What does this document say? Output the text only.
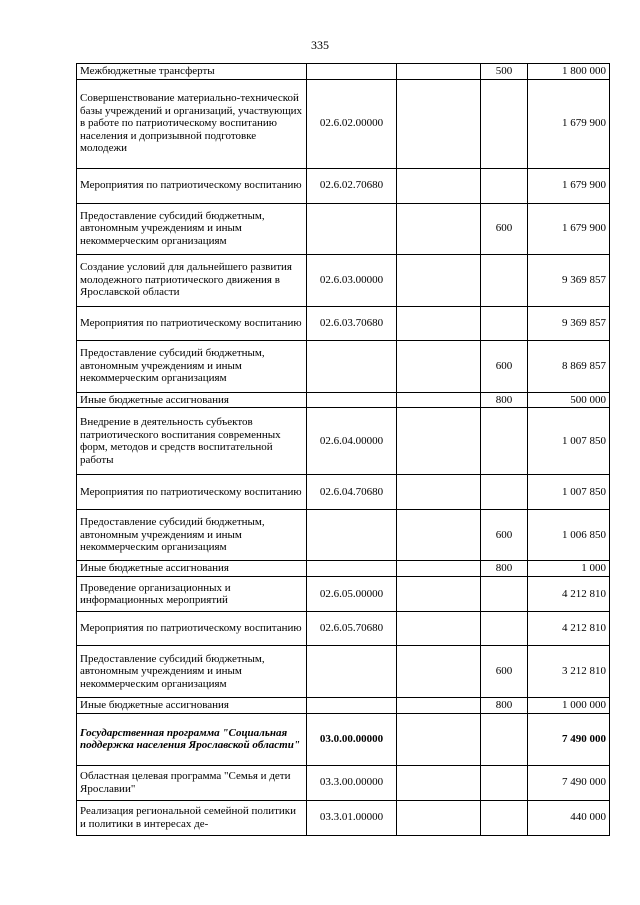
335
Межбюджетные трансферты			500	1 800 000
Совершенствование материально-технической базы учреждений и организаций, участвующих в работе по патриотическому воспитанию населения и допризывной подготовке молодежи	02.6.02.00000			1 679 900
Мероприятия по патриотическому воспитанию	02.6.02.70680			1 679 900
Предоставление субсидий бюджетным, автономным учреждениям и иным некоммерческим организациям			600	1 679 900
Создание условий для дальнейшего развития молодежного патриотического движения в Ярославской области	02.6.03.00000			9 369 857
Мероприятия по патриотическому воспитанию	02.6.03.70680			9 369 857
Предоставление субсидий бюджетным, автономным учреждениям и иным некоммерческим организациям			600	8 869 857
Иные бюджетные ассигнования			800	500 000
Внедрение в деятельность субъектов патриотического воспитания современных форм, методов и средств воспитательной работы	02.6.04.00000			1 007 850
Мероприятия по патриотическому воспитанию	02.6.04.70680			1 007 850
Предоставление субсидий бюджетным, автономным учреждениям и иным некоммерческим организациям			600	1 006 850
Иные бюджетные ассигнования			800	1 000
Проведение организационных и информационных мероприятий	02.6.05.00000			4 212 810
Мероприятия по патриотическому воспитанию	02.6.05.70680			4 212 810
Предоставление субсидий бюджетным, автономным учреждениям и иным некоммерческим организациям			600	3 212 810
Иные бюджетные ассигнования			800	1 000 000
Государственная программа "Социальная поддержка населения Ярославской области"	03.0.00.00000			7 490 000
Областная целевая программа "Семья и дети Ярославии"	03.3.00.00000			7 490 000
Реализация региональной семейной политики и политики в интересах де-	03.3.01.00000			440 000
